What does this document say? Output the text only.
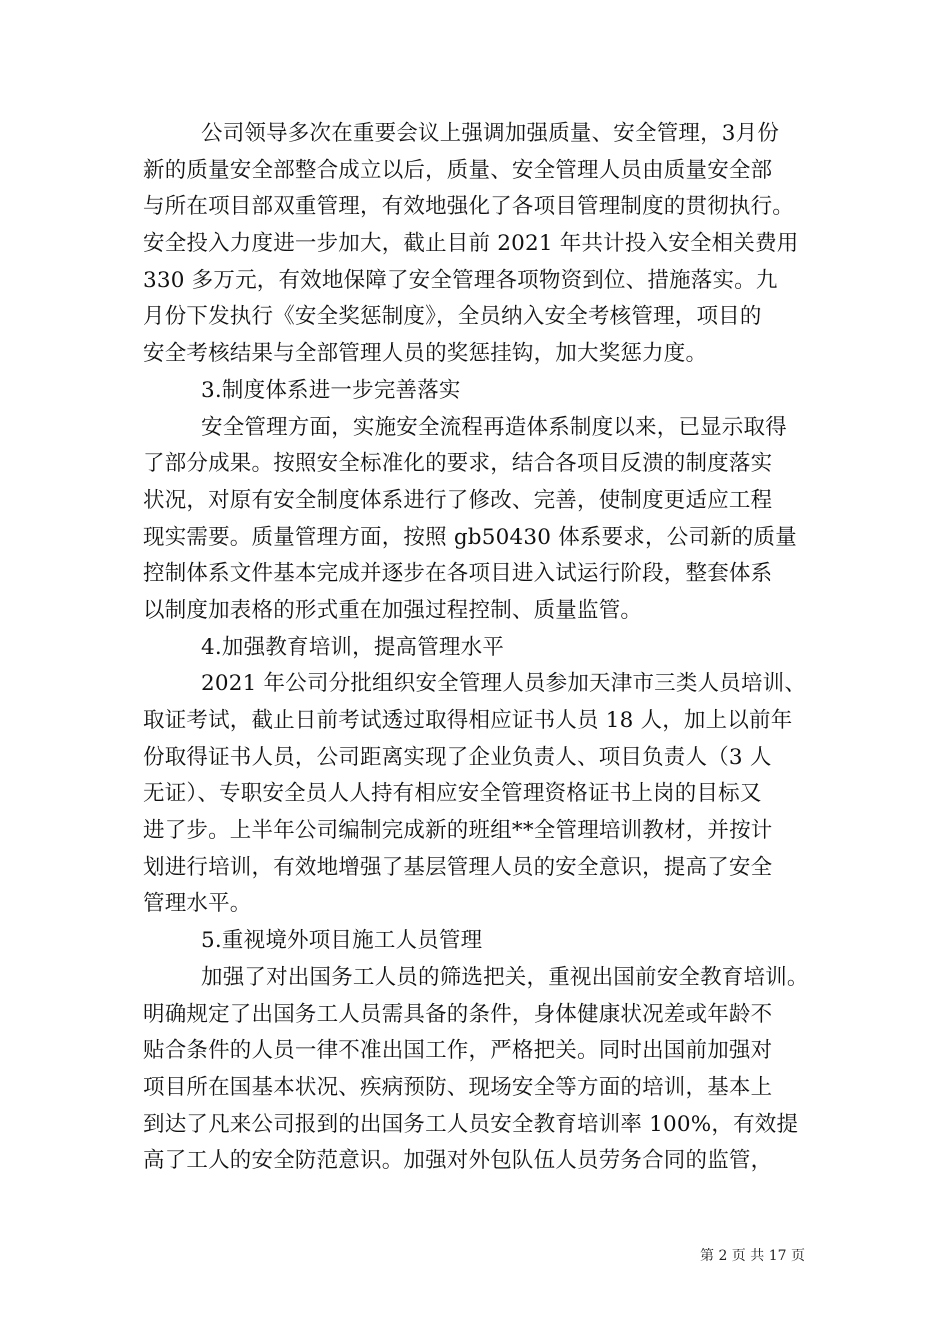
公司领导多次在重要会议上强调加强质量、安全管理，3月份
新的质量安全部整合成立以后，质量、安全管理人员由质量安全部
与所在项目部双重管理，有效地强化了各项目管理制度的贯彻执行。
安全投入力度进一步加大，截止目前 2021 年共计投入安全相关费用
330 多万元，有效地保障了安全管理各项物资到位、措施落实。九
月份下发执行《安全奖惩制度》，全员纳入安全考核管理，项目的
安全考核结果与全部管理人员的奖惩挂钩，加大奖惩力度。
3.制度体系进一步完善落实
安全管理方面，实施安全流程再造体系制度以来，已显示取得
了部分成果。按照安全标准化的要求，结合各项目反溃的制度落实
状况，对原有安全制度体系进行了修改、完善，使制度更适应工程
现实需要。质量管理方面，按照 gb50430 体系要求，公司新的质量
控制体系文件基本完成并逐步在各项目进入试运行阶段，整套体系
以制度加表格的形式重在加强过程控制、质量监管。
4.加强教育培训，提高管理水平
2021 年公司分批组织安全管理人员参加天津市三类人员培训、
取证考试，截止日前考试透过取得相应证书人员 18 人，加上以前年
份取得证书人员，公司距离实现了企业负责人、项目负责人（3 人
无证）、专职安全员人人持有相应安全管理资格证书上岗的目标又
进了步。上半年公司编制完成新的班组**全管理培训教材，并按计
划进行培训，有效地增强了基层管理人员的安全意识，提高了安全
管理水平。
5.重视境外项目施工人员管理
加强了对出国务工人员的筛选把关，重视出国前安全教育培训。
明确规定了出国务工人员需具备的条件，身体健康状况差或年龄不
贴合条件的人员一律不准出国工作，严格把关。同时出国前加强对
项目所在国基本状况、疾病预防、现场安全等方面的培训，基本上
到达了凡来公司报到的出国务工人员安全教育培训率 100%，有效提
高了工人的安全防范意识。加强对外包队伍人员劳务合同的监管，
第 2 页 共 17 页
